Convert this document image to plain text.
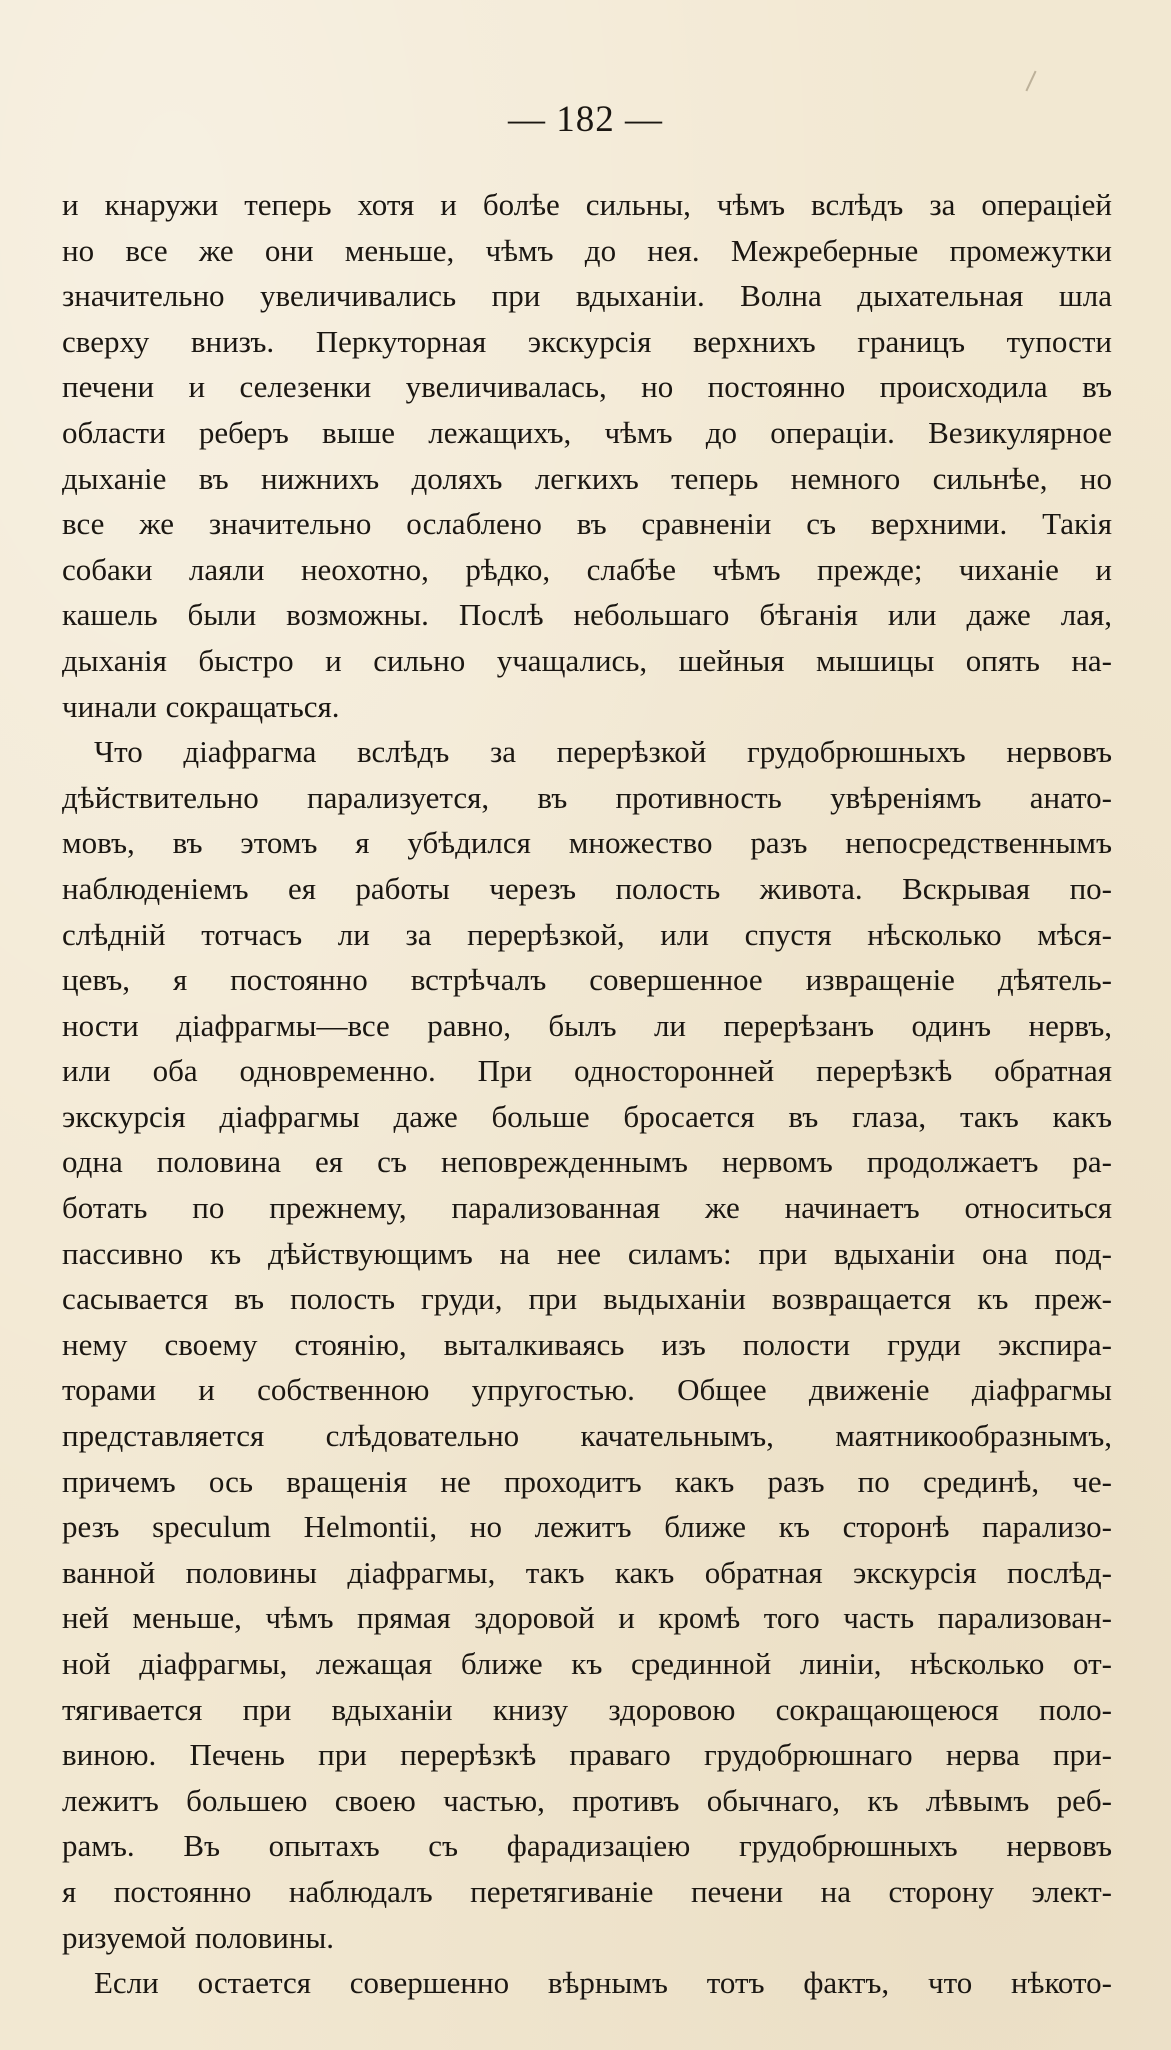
— 182 —
и кнаружи теперь хотя и болѣе сильны, чѣмъ вслѣдъ за операціей
но все же они меньше, чѣмъ до нея. Межреберные промежутки
значительно увеличивались при вдыханіи. Волна дыхательная шла
сверху внизъ. Перкуторная экскурсія верхнихъ границъ тупости
печени и селезенки увеличивалась, но постоянно происходила въ
области реберъ выше лежащихъ, чѣмъ до операціи. Везикулярное
дыханіе въ нижнихъ доляхъ легкихъ теперь немного сильнѣе, но
все же значительно ослаблено въ сравненіи съ верхними. Такія
собаки лаяли неохотно, рѣдко, слабѣе чѣмъ прежде; чиханіе и
кашель были возможны. Послѣ небольшаго бѣганія или даже лая,
дыханія быстро и сильно учащались, шейныя мышицы опять на-
чинали сокращаться.
Что діафрагма вслѣдъ за перерѣзкой грудобрюшныхъ нервовъ
дѣйствительно парализуется, въ противность увѣреніямъ анато-
мовъ, въ этомъ я убѣдился множество разъ непосредственнымъ
наблюденіемъ ея работы черезъ полость живота. Вскрывая по-
слѣдній тотчасъ ли за перерѣзкой, или спустя нѣсколько мѣся-
цевъ, я постоянно встрѣчалъ совершенное извращеніе дѣятель-
ности діафрагмы—все равно, былъ ли перерѣзанъ одинъ нервъ,
или оба одновременно. При односторонней перерѣзкѣ обратная
экскурсія діафрагмы даже больше бросается въ глаза, такъ какъ
одна половина ея съ неповрежденнымъ нервомъ продолжаетъ ра-
ботать по прежнему, парализованная же начинаетъ относиться
пассивно къ дѣйствующимъ на нее силамъ: при вдыханіи она под-
сасывается въ полость груди, при выдыханіи возвращается къ преж-
нему своему стоянію, выталкиваясь изъ полости груди экспира-
торами и собственною упругостью. Общее движеніе діафрагмы
представляется слѣдовательно качательнымъ, маятникообразнымъ,
причемъ ось вращенія не проходитъ какъ разъ по срединѣ, че-
резъ speculum Helmontii, но лежитъ ближе къ сторонѣ парализо-
ванной половины діафрагмы, такъ какъ обратная экскурсія послѣд-
ней меньше, чѣмъ прямая здоровой и кромѣ того часть парализован-
ной діафрагмы, лежащая ближе къ срединной линіи, нѣсколько от-
тягивается при вдыханіи книзу здоровою сокращающеюся поло-
виною. Печень при перерѣзкѣ праваго грудобрюшнаго нерва при-
лежитъ большею своею частью, противъ обычнаго, къ лѣвымъ реб-
рамъ. Въ опытахъ съ фарадизаціею грудобрюшныхъ нервовъ
я постоянно наблюдалъ перетягиваніе печени на сторону элект-
ризуемой половины.
Если остается совершенно вѣрнымъ тотъ фактъ, что нѣкото-
